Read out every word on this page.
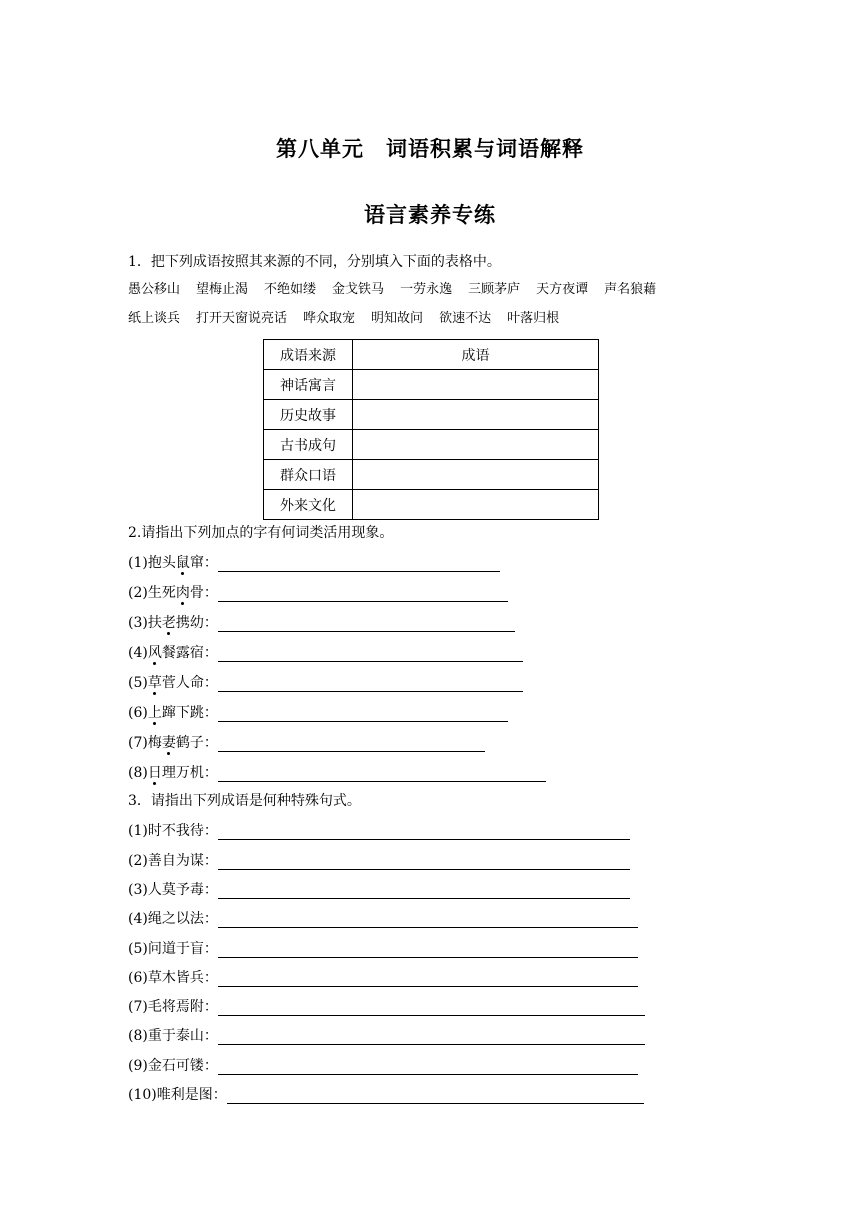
第八单元　词语积累与词语解释
语言素养专练
1．把下列成语按照其来源的不同，分别填入下面的表格中。
愚公移山 望梅止渴 不绝如缕 金戈铁马 一劳永逸 三顾茅庐 天方夜谭 声名狼藉
纸上谈兵 打开天窗说亮话 哗众取宠 明知故问 欲速不达 叶落归根
成语来源	成语
神话寓言	
历史故事	
古书成句	
群众口语	
外来文化	
2.请指出下列加点的字有何词类活用现象。
(1)抱头鼠窜：
(2)生死肉骨：
(3)扶老携幼：
(4)风餐露宿：
(5)草菅人命：
(6)上蹿下跳：
(7)梅妻鹤子：
(8)日理万机：
3．请指出下列成语是何种特殊句式。
(1)时不我待：
(2)善自为谋：
(3)人莫予毒：
(4)绳之以法：
(5)问道于盲：
(6)草木皆兵：
(7)毛将焉附：
(8)重于泰山：
(9)金石可镂：
(10)唯利是图：
